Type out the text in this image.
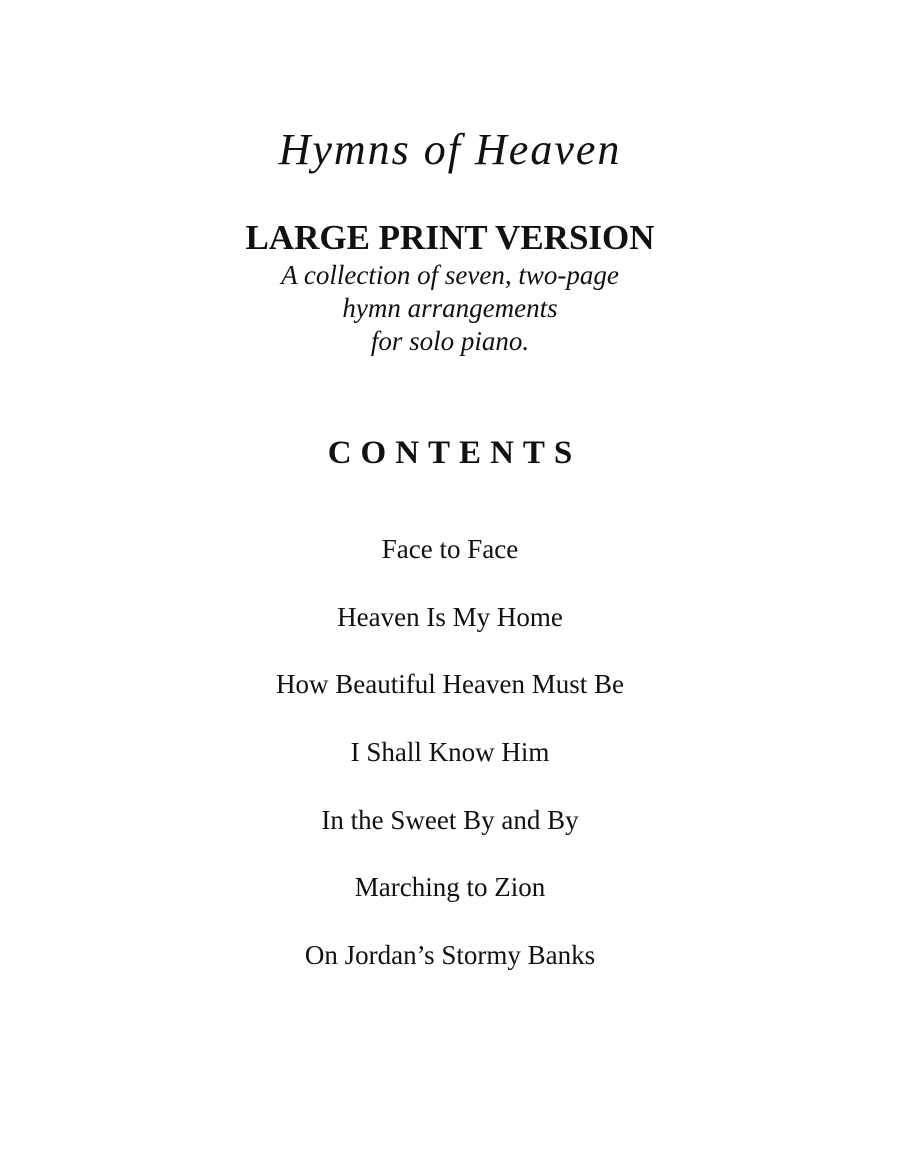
Hymns of Heaven
LARGE PRINT VERSION
A collection of seven, two-page
hymn arrangements
for solo piano.
CONTENTS
Face to Face
Heaven Is My Home
How Beautiful Heaven Must Be
I Shall Know Him
In the Sweet By and By
Marching to Zion
On Jordan’s Stormy Banks
